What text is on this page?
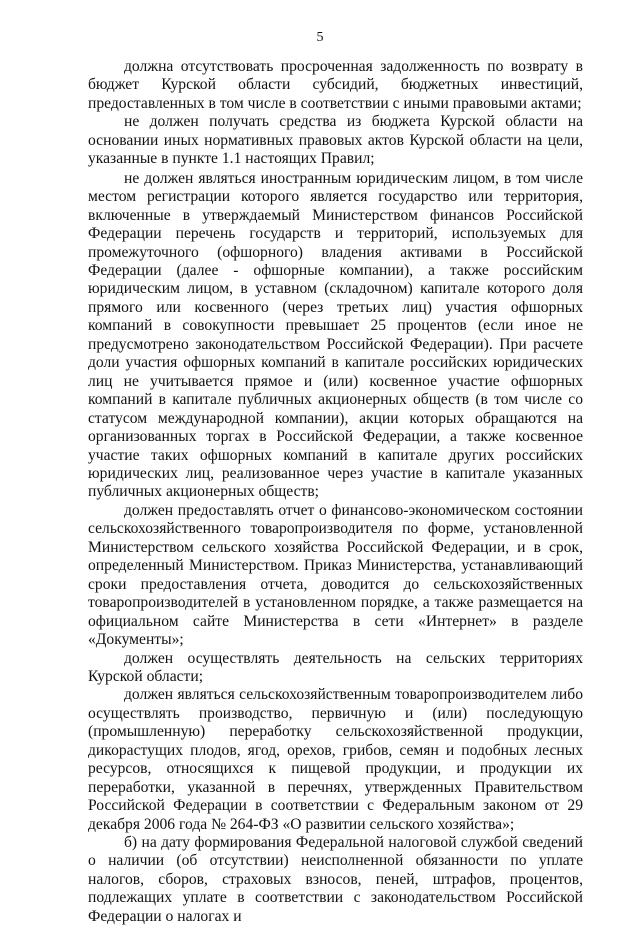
5

должна отсутствовать просроченная задолженность по возврату в бюджет Курской области субсидий, бюджетных инвестиций, предоставленных в том числе в соответствии с иными правовыми актами;

не должен получать средства из бюджета Курской области на основании иных нормативных правовых актов Курской области на цели, указанные в пункте 1.1 настоящих Правил;

не должен являться иностранным юридическим лицом, в том числе местом регистрации которого является государство или территория, включенные в утверждаемый Министерством финансов Российской Федерации перечень государств и территорий, используемых для промежуточного (офшорного) владения активами в Российской Федерации (далее - офшорные компании), а также российским юридическим лицом, в уставном (складочном) капитале которого доля прямого или косвенного (через третьих лиц) участия офшорных компаний в совокупности превышает 25 процентов (если иное не предусмотрено законодательством Российской Федерации). При расчете доли участия офшорных компаний в капитале российских юридических лиц не учитывается прямое и (или) косвенное участие офшорных компаний в капитале публичных акционерных обществ (в том числе со статусом международной компании), акции которых обращаются на организованных торгах в Российской Федерации, а также косвенное участие таких офшорных компаний в капитале других российских юридических лиц, реализованное через участие в капитале указанных публичных акционерных обществ;

должен предоставлять отчет о финансово-экономическом состоянии сельскохозяйственного товаропроизводителя по форме, установленной Министерством сельского хозяйства Российской Федерации, и в срок, определенный Министерством. Приказ Министерства, устанавливающий сроки предоставления отчета, доводится до сельскохозяйственных товаропроизводителей в установленном порядке, а также размещается на официальном сайте Министерства в сети «Интернет» в разделе «Документы»;

должен осуществлять деятельность на сельских территориях Курской области;

должен являться сельскохозяйственным товаропроизводителем либо осуществлять производство, первичную и (или) последующую (промышленную) переработку сельскохозяйственной продукции, дикорастущих плодов, ягод, орехов, грибов, семян и подобных лесных ресурсов, относящихся к пищевой продукции, и продукции их переработки, указанной в перечнях, утвержденных Правительством Российской Федерации в соответствии с Федеральным законом от 29 декабря 2006 года № 264-ФЗ «О развитии сельского хозяйства»;

б) на дату формирования Федеральной налоговой службой сведений о наличии (об отсутствии) неисполненной обязанности по уплате налогов, сборов, страховых взносов, пеней, штрафов, процентов, подлежащих уплате в соответствии с законодательством Российской Федерации о налогах и
